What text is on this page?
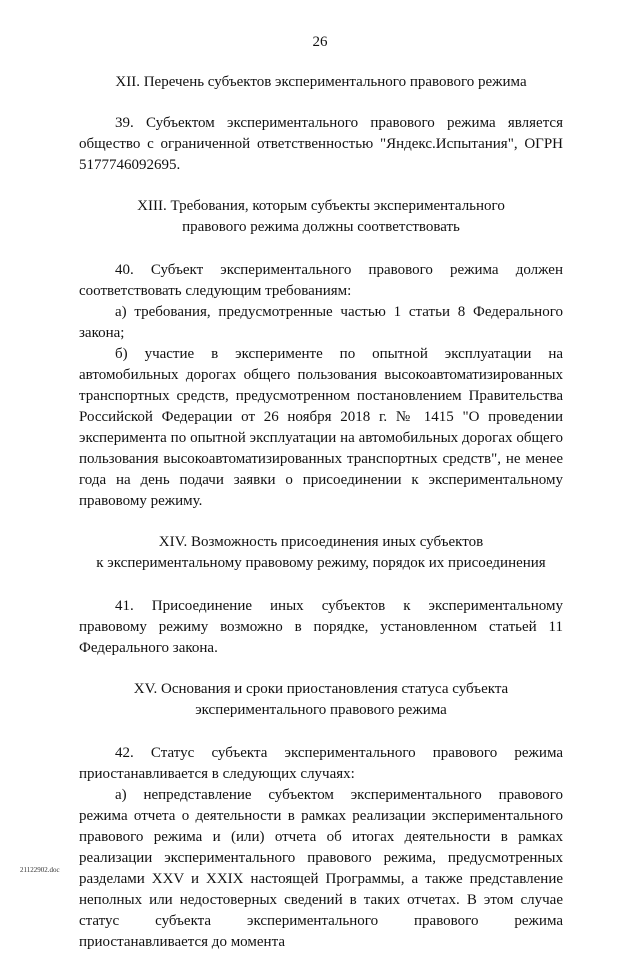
26

XII. Перечень субъектов экспериментального правового режима

39. Субъектом экспериментального правового режима является общество с ограниченной ответственностью "Яндекс.Испытания", ОГРН 5177746092695.

XIII. Требования, которым субъекты экспериментального

правового режима должны соответствовать

40. Субъект экспериментального правового режима должен соответствовать следующим требованиям:

а) требования, предусмотренные частью 1 статьи 8 Федерального закона;

б) участие в эксперименте по опытной эксплуатации на автомобильных дорогах общего пользования высокоавтоматизированных транспортных средств, предусмотренном постановлением Правительства Российской Федерации от 26 ноября 2018 г. № 1415 "О проведении эксперимента по опытной эксплуатации на автомобильных дорогах общего пользования высокоавтоматизированных транспортных средств", не менее года на день подачи заявки о присоединении к экспериментальному правовому режиму.

XIV. Возможность присоединения иных субъектов

к экспериментальному правовому режиму, порядок их присоединения

41. Присоединение иных субъектов к экспериментальному правовому режиму возможно в порядке, установленном статьей 11 Федерального закона.

XV. Основания и сроки приостановления статуса субъекта

экспериментального правового режима

42. Статус субъекта экспериментального правового режима приостанавливается в следующих случаях:

а) непредставление субъектом экспериментального правового режима отчета о деятельности в рамках реализации экспериментального правового режима и (или) отчета об итогах деятельности в рамках реализации экспериментального правового режима, предусмотренных разделами XXV и XXIX настоящей Программы, а также представление неполных или недостоверных сведений в таких отчетах. В этом случае статус субъекта экспериментального правового режима приостанавливается до момента

21122902.doc
